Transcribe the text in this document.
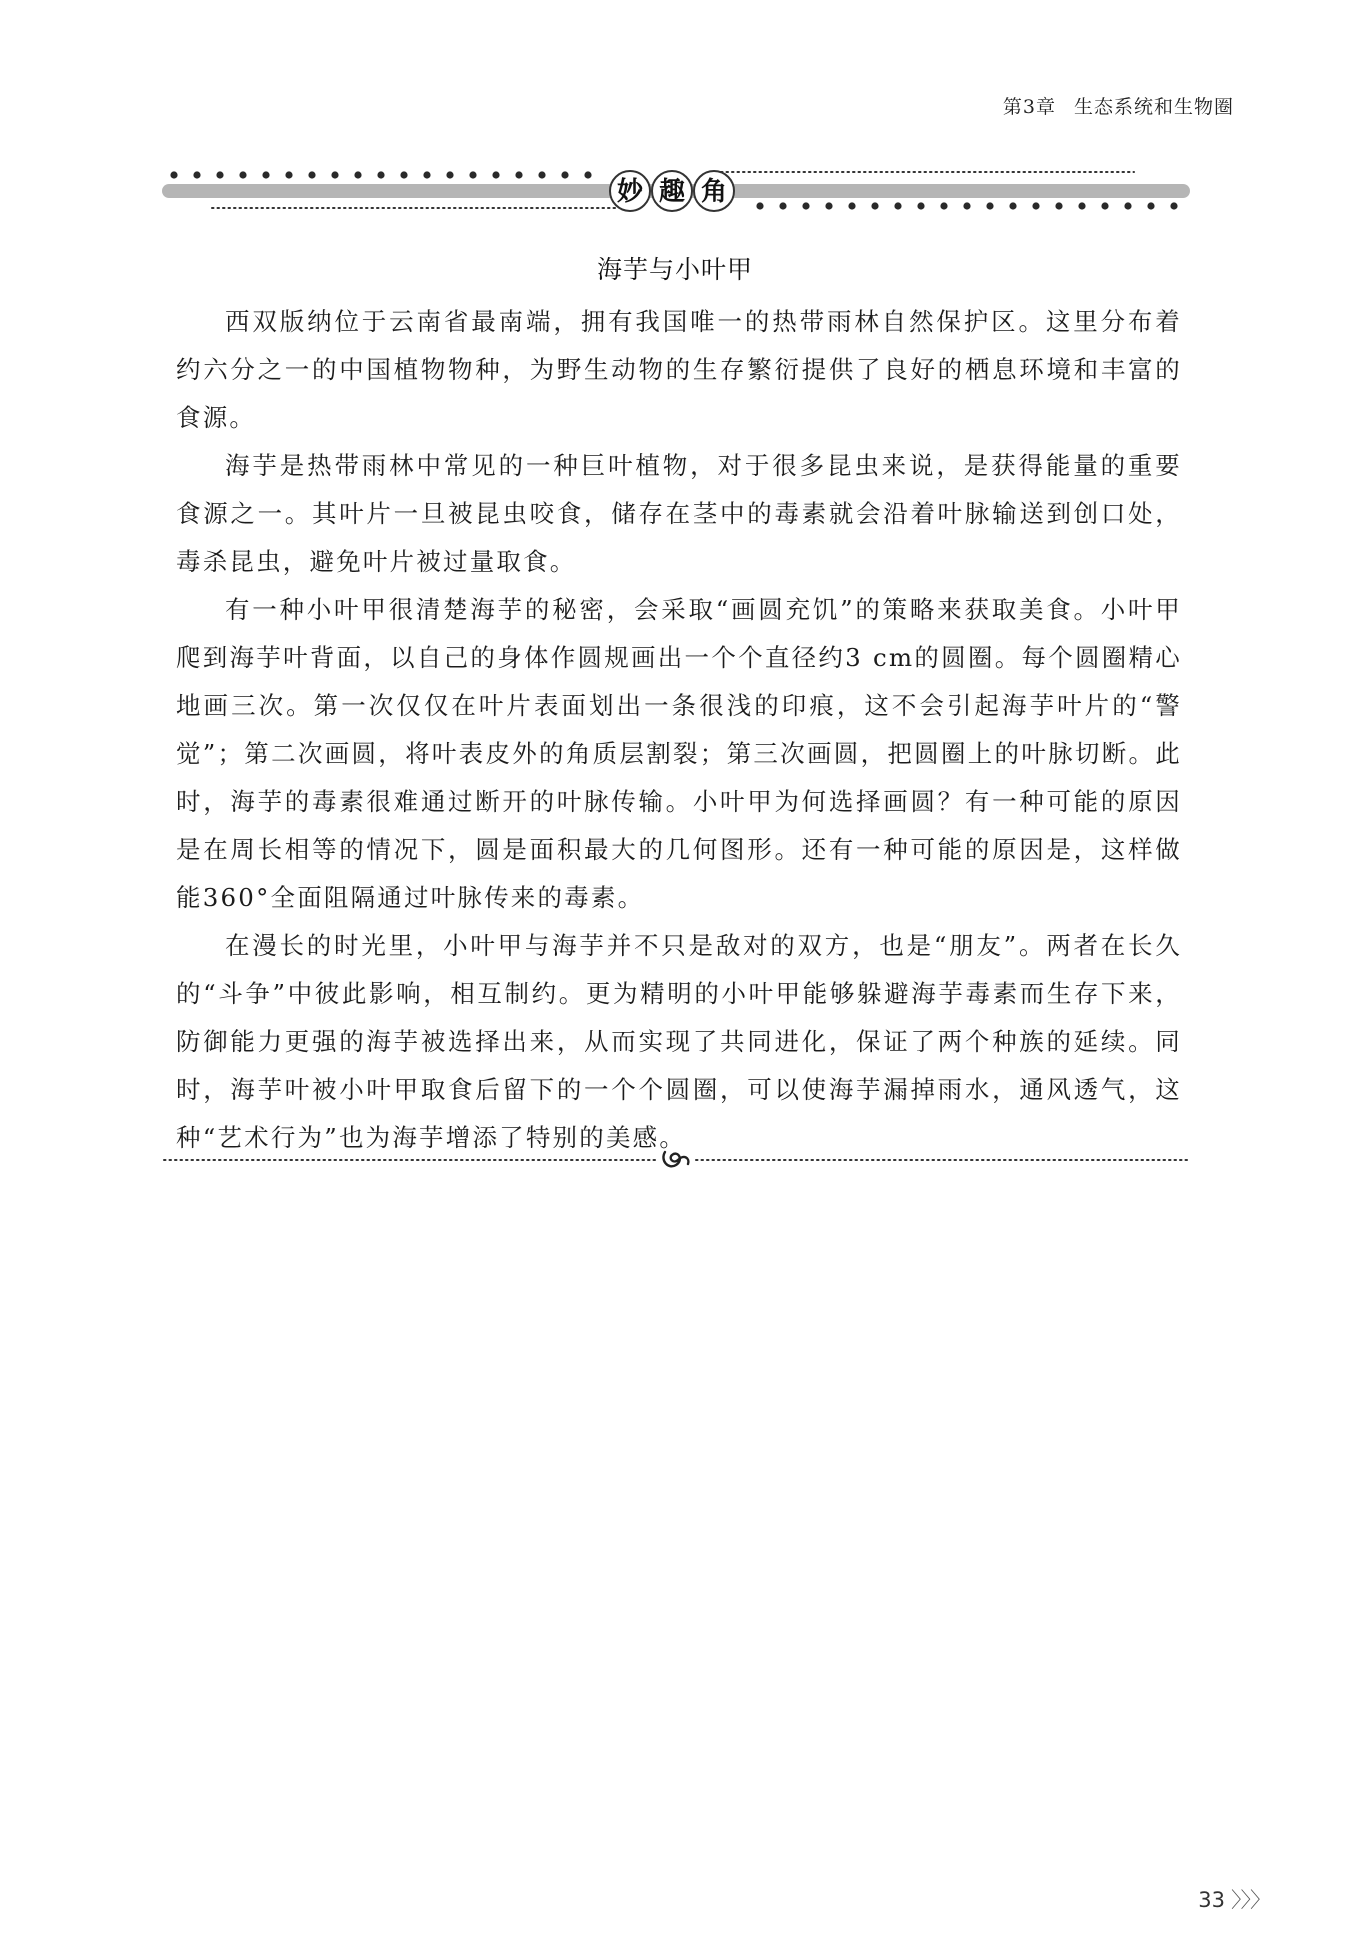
第3章 生态系统和生物圈
妙 趣 角
海芋与小叶甲

西双版纳位于云南省最南端，拥有我国唯一的热带雨林自然保护区。这里分布着约六分之一的中国植物物种，为野生动物的生存繁衍提供了良好的栖息环境和丰富的食源。

海芋是热带雨林中常见的一种巨叶植物，对于很多昆虫来说，是获得能量的重要食源之一。其叶片一旦被昆虫咬食，储存在茎中的毒素就会沿着叶脉输送到创口处，毒杀昆虫，避免叶片被过量取食。

有一种小叶甲很清楚海芋的秘密，会采取“画圆充饥”的策略来获取美食。小叶甲爬到海芋叶背面，以自己的身体作圆规画出一个个直径约3 cm的圆圈。每个圆圈精心地画三次。第一次仅仅在叶片表面划出一条很浅的印痕，这不会引起海芋叶片的“警觉”；第二次画圆，将叶表皮外的角质层割裂；第三次画圆，把圆圈上的叶脉切断。此时，海芋的毒素很难通过断开的叶脉传输。小叶甲为何选择画圆？有一种可能的原因是在周长相等的情况下，圆是面积最大的几何图形。还有一种可能的原因是，这样做能360°全面阻隔通过叶脉传来的毒素。

在漫长的时光里，小叶甲与海芋并不只是敌对的双方，也是“朋友”。两者在长久的“斗争”中彼此影响，相互制约。更为精明的小叶甲能够躲避海芋毒素而生存下来，防御能力更强的海芋被选择出来，从而实现了共同进化，保证了两个种族的延续。同时，海芋叶被小叶甲取食后留下的一个个圆圈，可以使海芋漏掉雨水，通风透气，这种“艺术行为”也为海芋增添了特别的美感。

33 〉〉〉
